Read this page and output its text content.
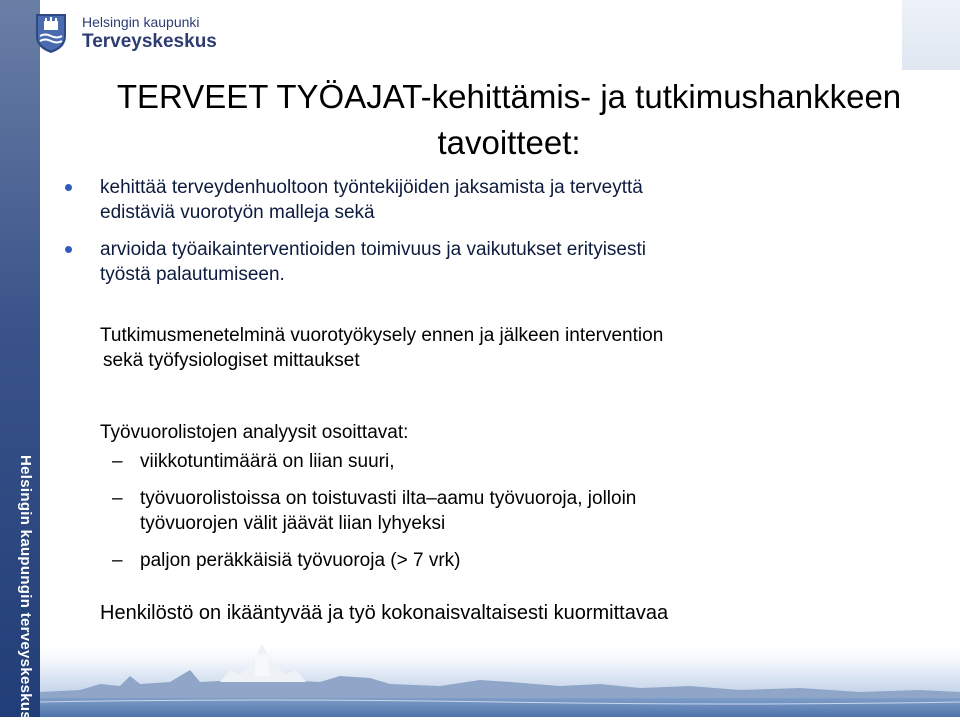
Helsingin kaupungin terveyskeskus
Helsingin kaupunki
Terveyskeskus
TERVEET TYÖAJAT-kehittämis- ja tutkimushankkeen
tavoitteet:
kehittää terveydenhuoltoon työntekijöiden jaksamista ja terveyttä
edistäviä vuorotyön malleja sekä
arvioida työaikainterventioiden toimivuus ja vaikutukset erityisesti
työstä palautumiseen.
Tutkimusmenetelminä vuorotyökysely ennen ja jälkeen intervention
sekä työfysiologiset mittaukset
Työvuorolistojen analyysit osoittavat:
– viikkotuntimäärä on liian suuri,
– työvuorolistoissa on toistuvasti ilta–aamu työvuoroja, jolloin
työvuorojen välit jäävät liian lyhyeksi
– paljon peräkkäisiä työvuoroja (> 7 vrk)
Henkilöstö on ikääntyvää ja työ kokonaisvaltaisesti kuormittavaa
